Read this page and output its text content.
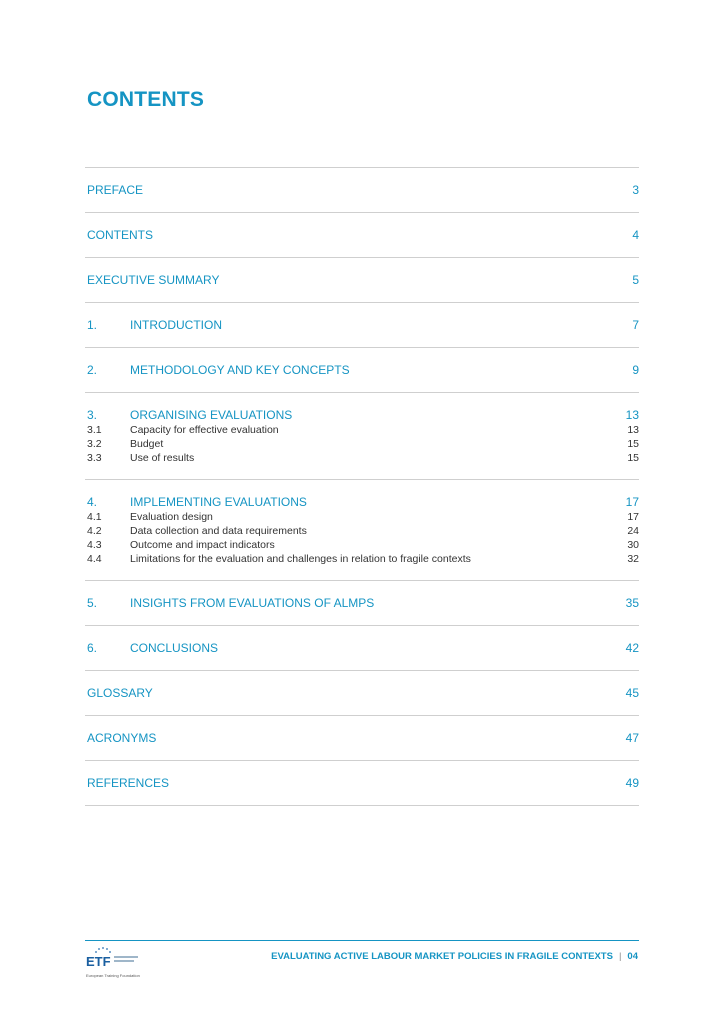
CONTENTS
PREFACE	3
CONTENTS	4
EXECUTIVE SUMMARY	5
1.	INTRODUCTION	7
2.	METHODOLOGY AND KEY CONCEPTS	9
3.	ORGANISING EVALUATIONS	13
3.1	Capacity for effective evaluation	13
3.2	Budget	15
3.3	Use of results	15
4.	IMPLEMENTING EVALUATIONS	17
4.1	Evaluation design	17
4.2	Data collection and data requirements	24
4.3	Outcome and impact indicators	30
4.4	Limitations for the evaluation and challenges in relation to fragile contexts	32
5.	INSIGHTS FROM EVALUATIONS OF ALMPS	35
6.	CONCLUSIONS	42
GLOSSARY	45
ACRONYMS	47
REFERENCES	49
ETF
European Training Foundation
EVALUATING ACTIVE LABOUR MARKET POLICIES IN FRAGILE CONTEXTS | 04
